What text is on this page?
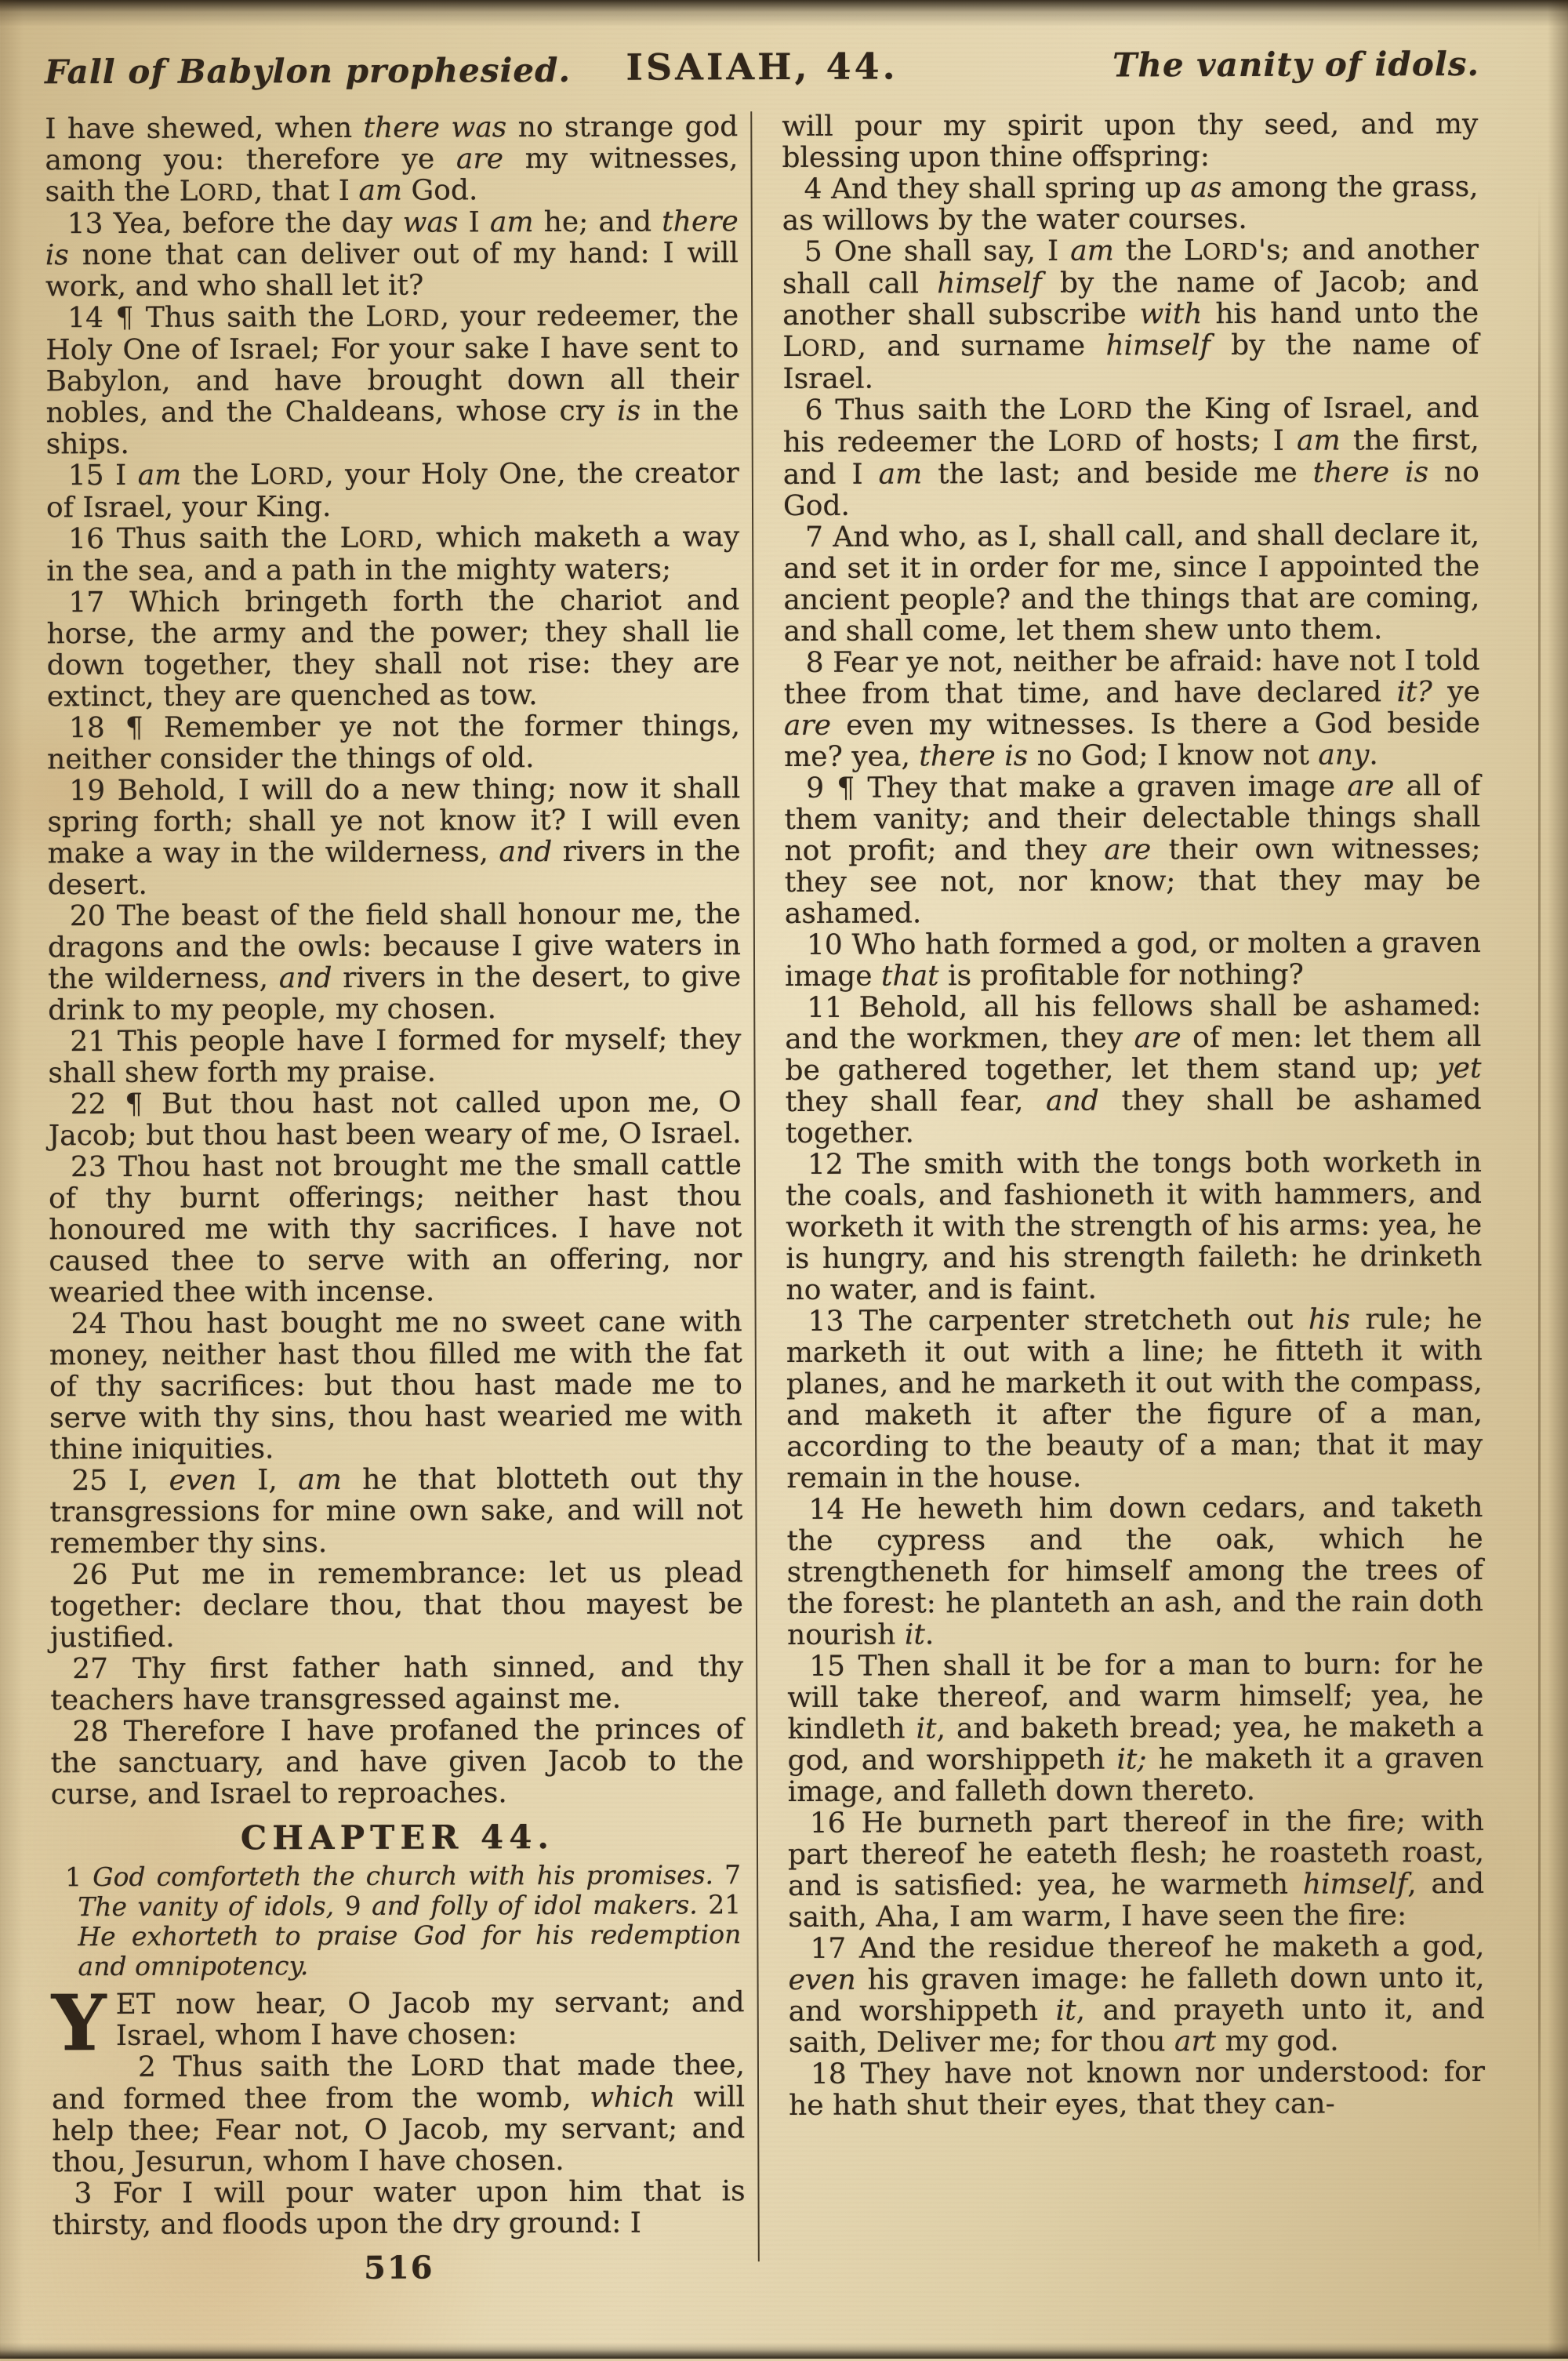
Fall of Babylon prophesied. ISAIAH, 44.	The vanity of idols.
I have shewed, when there was no strange god among you: therefore ye are my witnesses, saith the LORD, that I am God.
13 Yea, before the day was I am he; and there is none that can deliver out of my hand: I will work, and who shall let it?
14 ¶ Thus saith the LORD, your redeemer, the Holy One of Israel; For your sake I have sent to Babylon, and have brought down all their nobles, and the Chaldeans, whose cry is in the ships.
15 I am the LORD, your Holy One, the creator of Israel, your King.
16 Thus saith the LORD, which maketh a way in the sea, and a path in the mighty waters;
17 Which bringeth forth the chariot and horse, the army and the power; they shall lie down together, they shall not rise: they are extinct, they are quenched as tow.
18 ¶ Remember ye not the former things, neither consider the things of old.
19 Behold, I will do a new thing; now it shall spring forth; shall ye not know it? I will even make a way in the wilderness, and rivers in the desert.
20 The beast of the field shall honour me, the dragons and the owls: because I give waters in the wilderness, and rivers in the desert, to give drink to my people, my chosen.
21 This people have I formed for myself; they shall shew forth my praise.
22 ¶ But thou hast not called upon me, O Jacob; but thou hast been weary of me, O Israel.
23 Thou hast not brought me the small cattle of thy burnt offerings; neither hast thou honoured me with thy sacrifices. I have not caused thee to serve with an offering, nor wearied thee with incense.
24 Thou hast bought me no sweet cane with money, neither hast thou filled me with the fat of thy sacrifices: but thou hast made me to serve with thy sins, thou hast wearied me with thine iniquities.
25 I, even I, am he that blotteth out thy transgressions for mine own sake, and will not remember thy sins.
26 Put me in remembrance: let us plead together: declare thou, that thou mayest be justified.
27 Thy first father hath sinned, and thy teachers have transgressed against me.
28 Therefore I have profaned the princes of the sanctuary, and have given Jacob to the curse, and Israel to reproaches.
CHAPTER 44.
1 God comforteth the church with his promises. 7 The vanity of idols, 9 and folly of idol makers. 21 He exhorteth to praise God for his redemption and omnipotency.
YET now hear, O Jacob my servant; and Israel, whom I have chosen:
2 Thus saith the LORD that made thee, and formed thee from the womb, which will help thee; Fear not, O Jacob, my servant; and thou, Jesurun, whom I have chosen.
3 For I will pour water upon him that is thirsty, and floods upon the dry ground: I
516
will pour my spirit upon thy seed, and my blessing upon thine offspring:
4 And they shall spring up as among the grass, as willows by the water courses.
5 One shall say, I am the LORD's; and another shall call himself by the name of Jacob; and another shall subscribe with his hand unto the LORD, and surname himself by the name of Israel.
6 Thus saith the LORD the King of Israel, and his redeemer the LORD of hosts; I am the first, and I am the last; and beside me there is no God.
7 And who, as I, shall call, and shall declare it, and set it in order for me, since I appointed the ancient people? and the things that are coming, and shall come, let them shew unto them.
8 Fear ye not, neither be afraid: have not I told thee from that time, and have declared it? ye are even my witnesses. Is there a God beside me? yea, there is no God; I know not any.
9 ¶ They that make a graven image are all of them vanity; and their delectable things shall not profit; and they are their own witnesses; they see not, nor know; that they may be ashamed.
10 Who hath formed a god, or molten a graven image that is profitable for nothing?
11 Behold, all his fellows shall be ashamed: and the workmen, they are of men: let them all be gathered together, let them stand up; yet they shall fear, and they shall be ashamed together.
12 The smith with the tongs both worketh in the coals, and fashioneth it with hammers, and worketh it with the strength of his arms: yea, he is hungry, and his strength faileth: he drinketh no water, and is faint.
13 The carpenter stretcheth out his rule; he marketh it out with a line; he fitteth it with planes, and he marketh it out with the compass, and maketh it after the figure of a man, according to the beauty of a man; that it may remain in the house.
14 He heweth him down cedars, and taketh the cypress and the oak, which he strengtheneth for himself among the trees of the forest: he planteth an ash, and the rain doth nourish it.
15 Then shall it be for a man to burn: for he will take thereof, and warm himself; yea, he kindleth it, and baketh bread; yea, he maketh a god, and worshippeth it; he maketh it a graven image, and falleth down thereto.
16 He burneth part thereof in the fire; with part thereof he eateth flesh; he roasteth roast, and is satisfied: yea, he warmeth himself, and saith, Aha, I am warm, I have seen the fire:
17 And the residue thereof he maketh a god, even his graven image: he falleth down unto it, and worshippeth it, and prayeth unto it, and saith, Deliver me; for thou art my god.
18 They have not known nor understood: for he hath shut their eyes, that they can-
